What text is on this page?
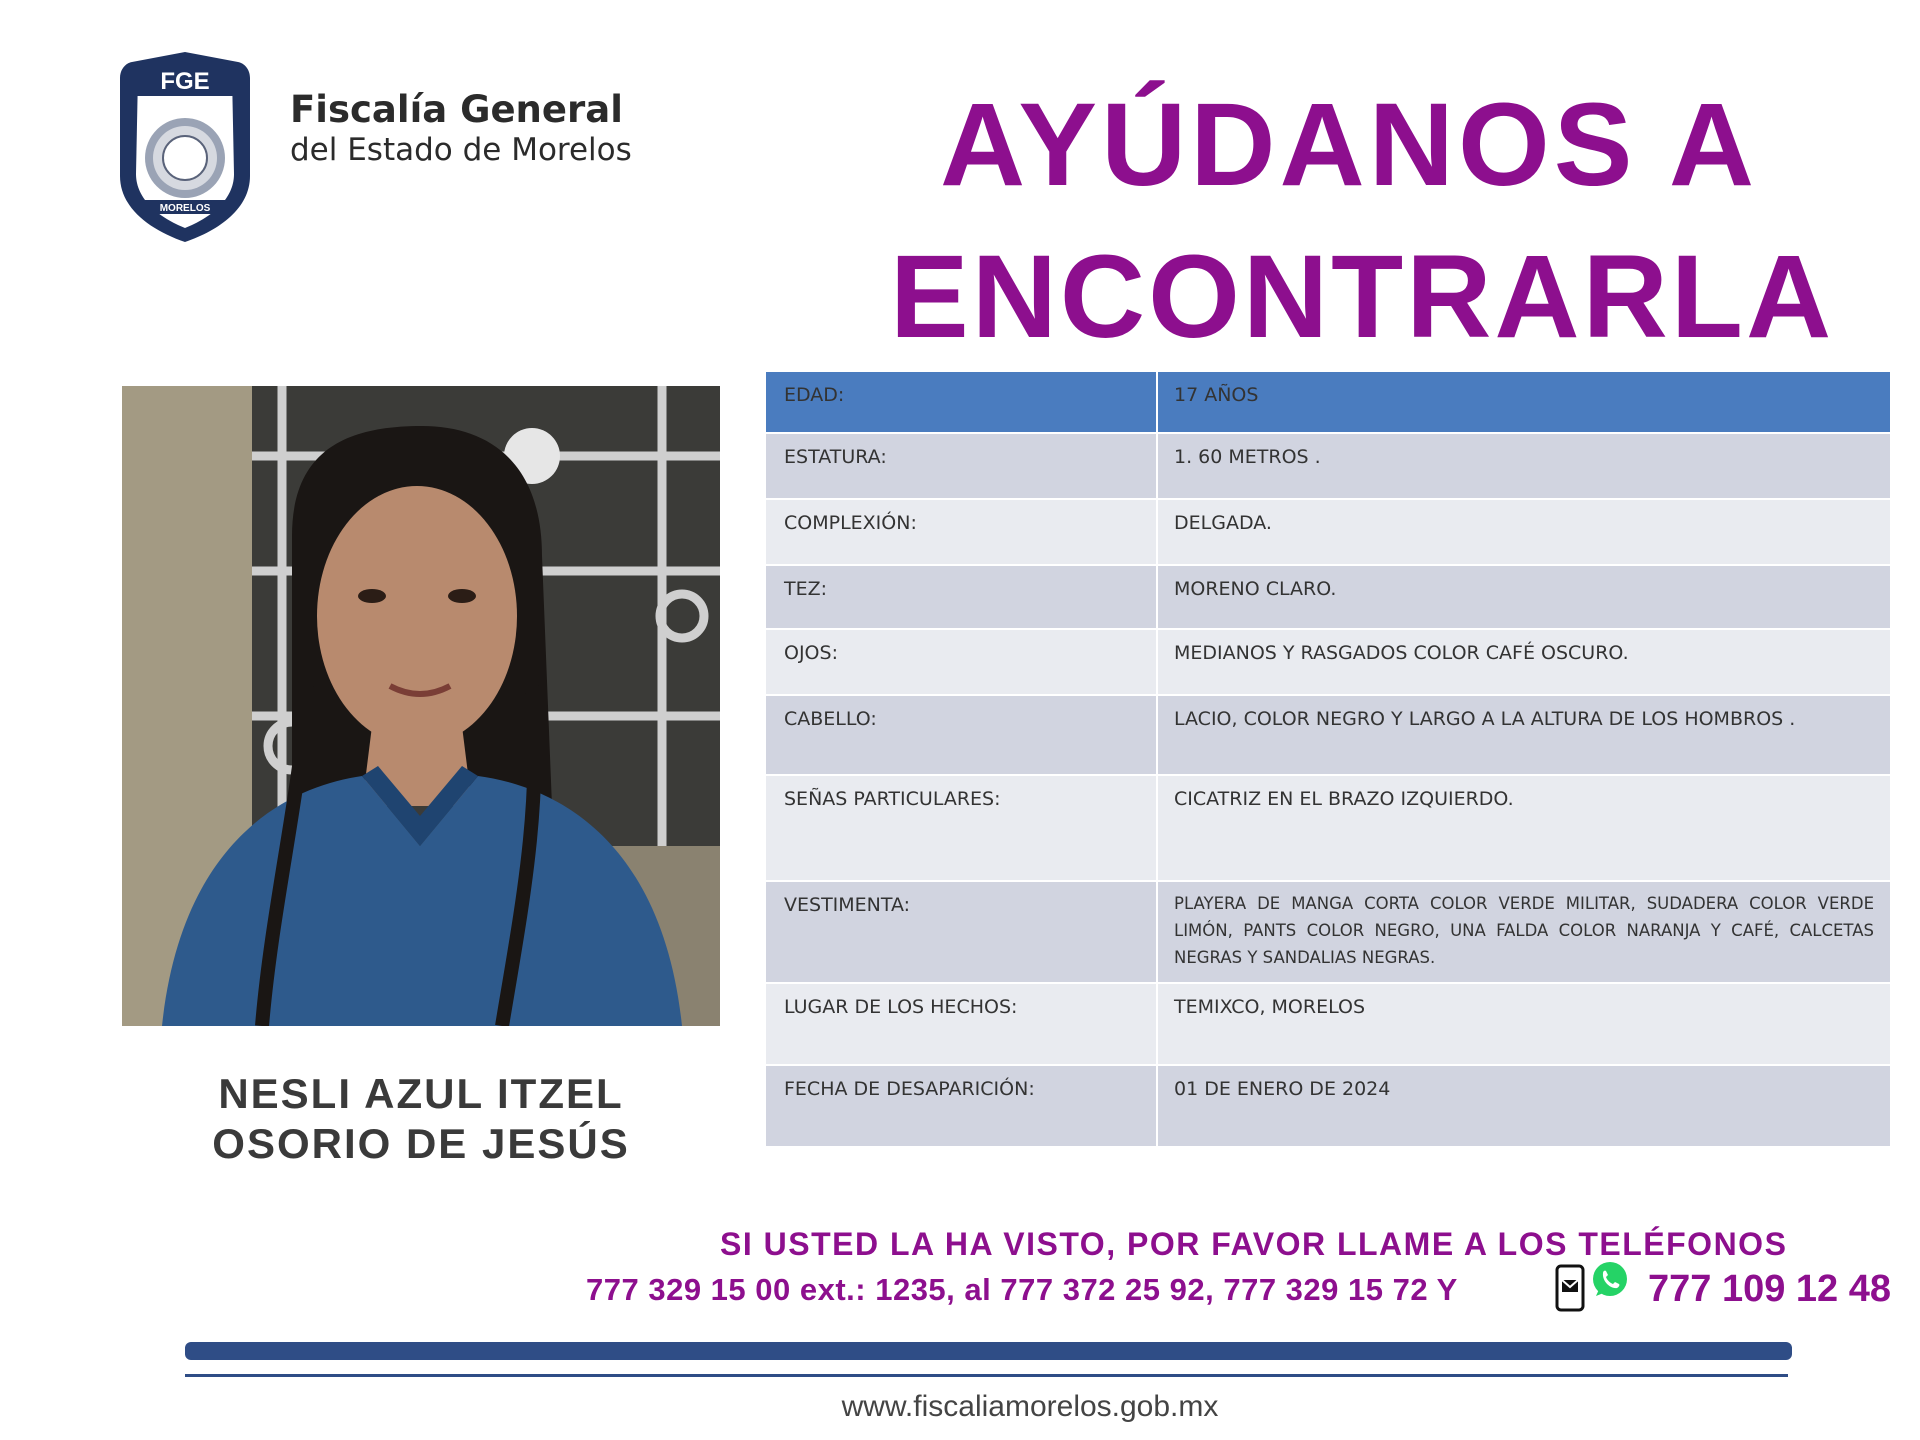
FGE
MORELOS
Fiscalía General
del Estado de Morelos	AYÚDANOS A
ENCONTRARLA
NESLI AZUL ITZEL
OSORIO DE JESÚS
EDAD:	17 AÑOS
ESTATURA:	1. 60 METROS .
COMPLEXIÓN:	DELGADA.
TEZ:	MORENO CLARO.
OJOS:	MEDIANOS Y RASGADOS COLOR CAFÉ OSCURO.
CABELLO:	LACIO, COLOR NEGRO Y LARGO A LA ALTURA DE LOS HOMBROS .
SEÑAS PARTICULARES:	CICATRIZ EN EL BRAZO IZQUIERDO.
VESTIMENTA:	PLAYERA DE MANGA CORTA COLOR VERDE MILITAR, SUDADERA COLOR VERDE LIMÓN, PANTS COLOR NEGRO, UNA FALDA COLOR NARANJA Y CAFÉ, CALCETAS NEGRAS Y SANDALIAS NEGRAS.
LUGAR DE LOS HECHOS:	TEMIXCO, MORELOS
FECHA DE DESAPARICIÓN:	01 DE ENERO DE 2024
SI USTED LA HA VISTO, POR FAVOR LLAME A LOS TELÉFONOS
777 329 15 00 ext.: 1235, al 777 372 25 92, 777 329 15 72 Y	777 109 12 48
www.fiscaliamorelos.gob.mx
